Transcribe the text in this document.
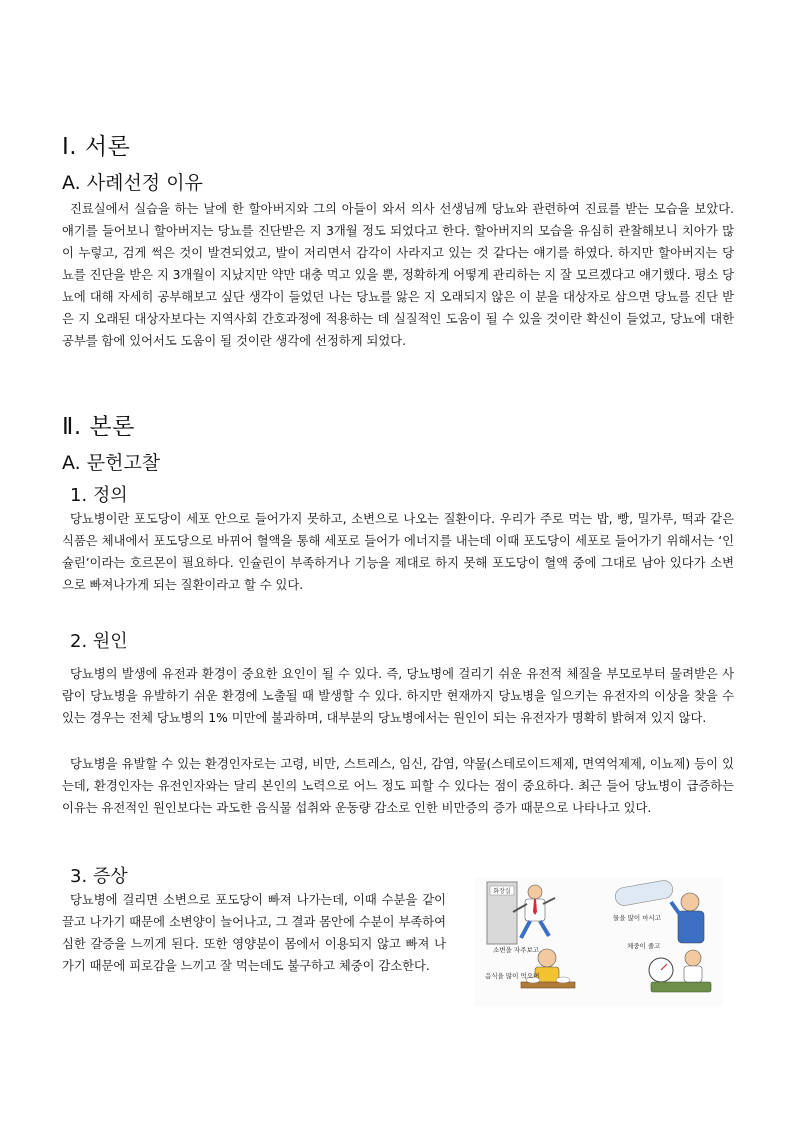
Ⅰ. 서론
A. 사례선정 이유

진료실에서 실습을 하는 날에 한 할아버지와 그의 아들이 와서 의사 선생님께 당뇨와 관련하여 진료를 받는 모습을 보았다. 얘기를 들어보니 할아버지는 당뇨를 진단받은 지 3개월 정도 되었다고 한다. 할아버지의 모습을 유심히 관찰해보니 치아가 많이 누렇고, 검게 썩은 것이 발견되었고, 발이 저리면서 감각이 사라지고 있는 것 같다는 얘기를 하였다. 하지만 할아버지는 당뇨를 진단을 받은 지 3개월이 지났지만 약만 대충 먹고 있을 뿐, 정확하게 어떻게 관리하는 지 잘 모르겠다고 얘기했다. 평소 당뇨에 대해 자세히 공부해보고 싶단 생각이 들었던 나는 당뇨를 앓은 지 오래되지 않은 이 분을 대상자로 삼으면 당뇨를 진단 받은 지 오래된 대상자보다는 지역사회 간호과정에 적용하는 데 실질적인 도움이 될 수 있을 것이란 확신이 들었고, 당뇨에 대한 공부를 함에 있어서도 도움이 될 것이란 생각에 선정하게 되었다.

Ⅱ. 본론
A. 문헌고찰
1. 정의

당뇨병이란 포도당이 세포 안으로 들어가지 못하고, 소변으로 나오는 질환이다. 우리가 주로 먹는 밥, 빵, 밀가루, 떡과 같은 식품은 체내에서 포도당으로 바뀌어 혈액을 통해 세포로 들어가 에너지를 내는데 이때 포도당이 세포로 들어가기 위해서는 ‘인슐린’이라는 호르몬이 필요하다. 인슐린이 부족하거나 기능을 제대로 하지 못해 포도당이 혈액 중에 그대로 남아 있다가 소변으로 빠져나가게 되는 질환이라고 할 수 있다.

2. 원인

당뇨병의 발생에 유전과 환경이 중요한 요인이 될 수 있다. 즉, 당뇨병에 걸리기 쉬운 유전적 체질을 부모로부터 물려받은 사람이 당뇨병을 유발하기 쉬운 환경에 노출될 때 발생할 수 있다. 하지만 현재까지 당뇨병을 일으키는 유전자의 이상을 찾을 수 있는 경우는 전체 당뇨병의 1% 미만에 불과하며, 대부분의 당뇨병에서는 원인이 되는 유전자가 명확히 밝혀져 있지 않다.

당뇨병을 유발할 수 있는 환경인자로는 고령, 비만, 스트레스, 임신, 감염, 약물(스테로이드제제, 면역억제제, 이뇨제) 등이 있는데, 환경인자는 유전인자와는 달리 본인의 노력으로 어느 정도 피할 수 있다는 점이 중요하다. 최근 들어 당뇨병이 급증하는 이유는 유전적인 원인보다는 과도한 음식물 섭취와 운동량 감소로 인한 비만증의 증가 때문으로 나타나고 있다.

3. 증상

당뇨병에 걸리면 소변으로 포도당이 빠져 나가는데, 이때 수분을 같이 끌고 나가기 때문에 소변양이 늘어나고, 그 결과 몸안에 수분이 부족하여 심한 갈증을 느끼게 된다. 또한 영양분이 몸에서 이용되지 않고 빠져 나가기 때문에 피로감을 느끼고 잘 먹는데도 불구하고 체중이 감소한다.

화장실
소변을 자주보고
물을 많이 마시고
음식을 많이 먹으며
체중이 줄고
